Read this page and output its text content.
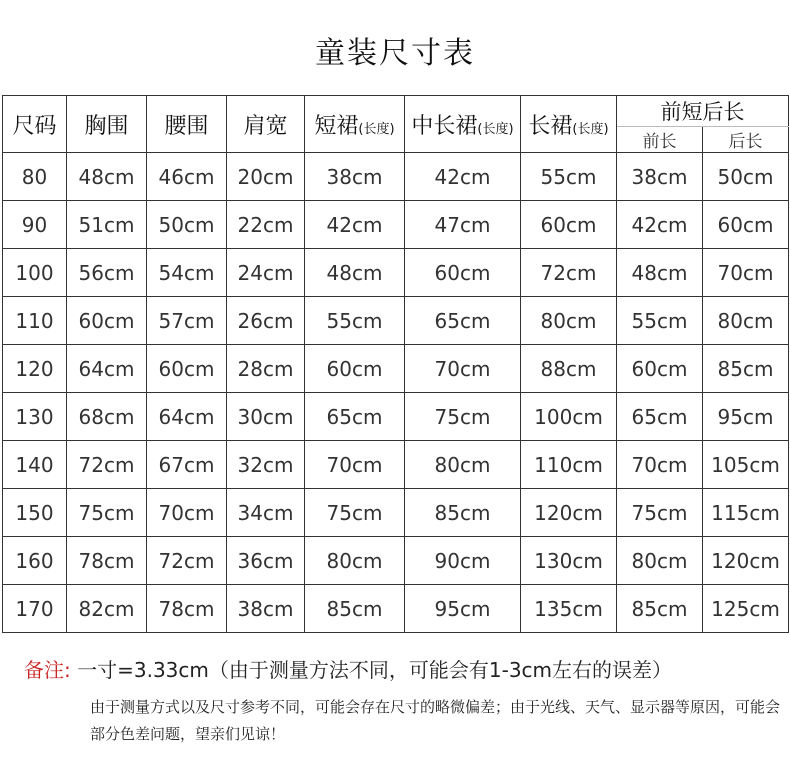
童装尺寸表
尺码	胸围	腰围	肩宽	短裙(长度)	中长裙(长度)	长裙(长度)	前短后长	
							前长	后长
80	48cm	46cm	20cm	38cm	42cm	55cm	38cm	50cm
90	51cm	50cm	22cm	42cm	47cm	60cm	42cm	60cm
100	56cm	54cm	24cm	48cm	60cm	72cm	48cm	70cm
110	60cm	57cm	26cm	55cm	65cm	80cm	55cm	80cm
120	64cm	60cm	28cm	60cm	70cm	88cm	60cm	85cm
130	68cm	64cm	30cm	65cm	75cm	100cm	65cm	95cm
140	72cm	67cm	32cm	70cm	80cm	110cm	70cm	105cm
150	75cm	70cm	34cm	75cm	85cm	120cm	75cm	115cm
160	78cm	72cm	36cm	80cm	90cm	130cm	80cm	120cm
170	82cm	78cm	38cm	85cm	95cm	135cm	85cm	125cm
备注: 一寸=3.33cm（由于测量方法不同，可能会有1-3cm左右的误差）
由于测量方式以及尺寸参考不同，可能会存在尺寸的略微偏差；由于光线、天气、显示器等原因，可能会部分色差问题，望亲们见谅！
